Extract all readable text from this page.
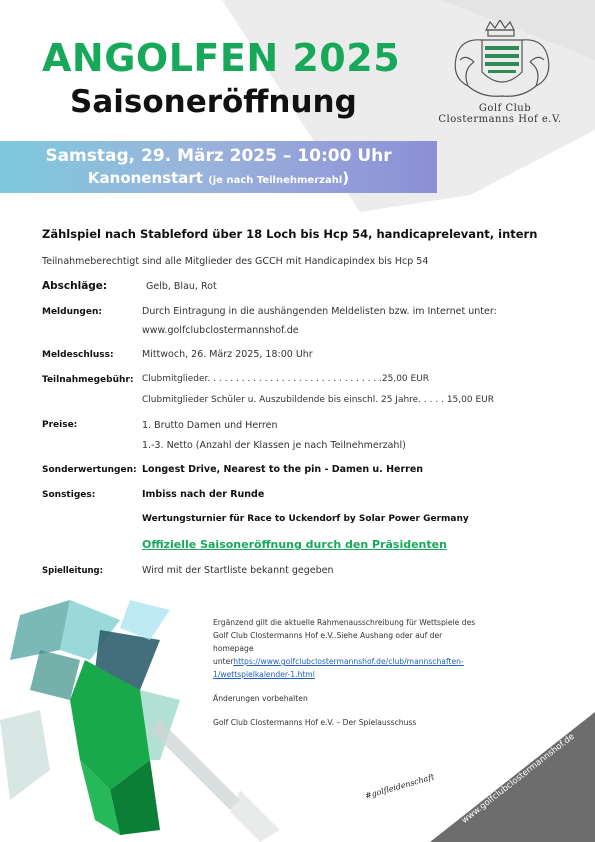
ANGOLFEN 2025
Saisoneröffnung	Golf Club
Clostermanns Hof e.V.
Samstag, 29. März 2025 – 10:00 Uhr
Kanonenstart (je nach Teilnehmerzahl)
Zählspiel nach Stableford über 18 Loch bis Hcp 54, handicaprelevant, intern
Teilnahmeberechtigt sind alle Mitglieder des GCCH mit Handicapindex bis Hcp 54
Abschläge:	Gelb, Blau, Rot
Meldungen:	Durch Eintragung in die aushängenden Meldelisten bzw. im Internet unter:
www.golfclubclostermannshof.de
Meldeschluss:	Mittwoch, 26. März 2025, 18:00 Uhr
Teilnahmegebühr: Clubmitglieder. . . . . . . . . . . . . . . . . . . . . . . . . . . . . . .25,00 EUR
Clubmitglieder Schüler u. Auszubildende bis einschl. 25 Jahre. . . . . 15,00 EUR
Preise:	1. Brutto Damen und Herren
1.-3. Netto (Anzahl der Klassen je nach Teilnehmerzahl)
Sonderwertungen: Longest Drive, Nearest to the pin - Damen u. Herren
Sonstiges:	Imbiss nach der Runde
Wertungsturnier für Race to Uckendorf by Solar Power Germany
Offizielle Saisoneröffnung durch den Präsidenten
Spielleitung:	Wird mit der Startliste bekannt gegeben
Ergänzend gilt die aktuelle Rahmenausschreibung für Wettspiele des
Golf Club Clostermanns Hof e.V..Siehe Aushang oder auf der
homepage
unterhttps://www.golfclubclostermannshof.de/club/mannschaften-
1/wettspielkalender-1.html
Änderungen vorbehalten
Golf Club Clostermanns Hof e.V. – Der Spielausschuss
#golfleidenschaft	www.golfclubclostermannshof.de
